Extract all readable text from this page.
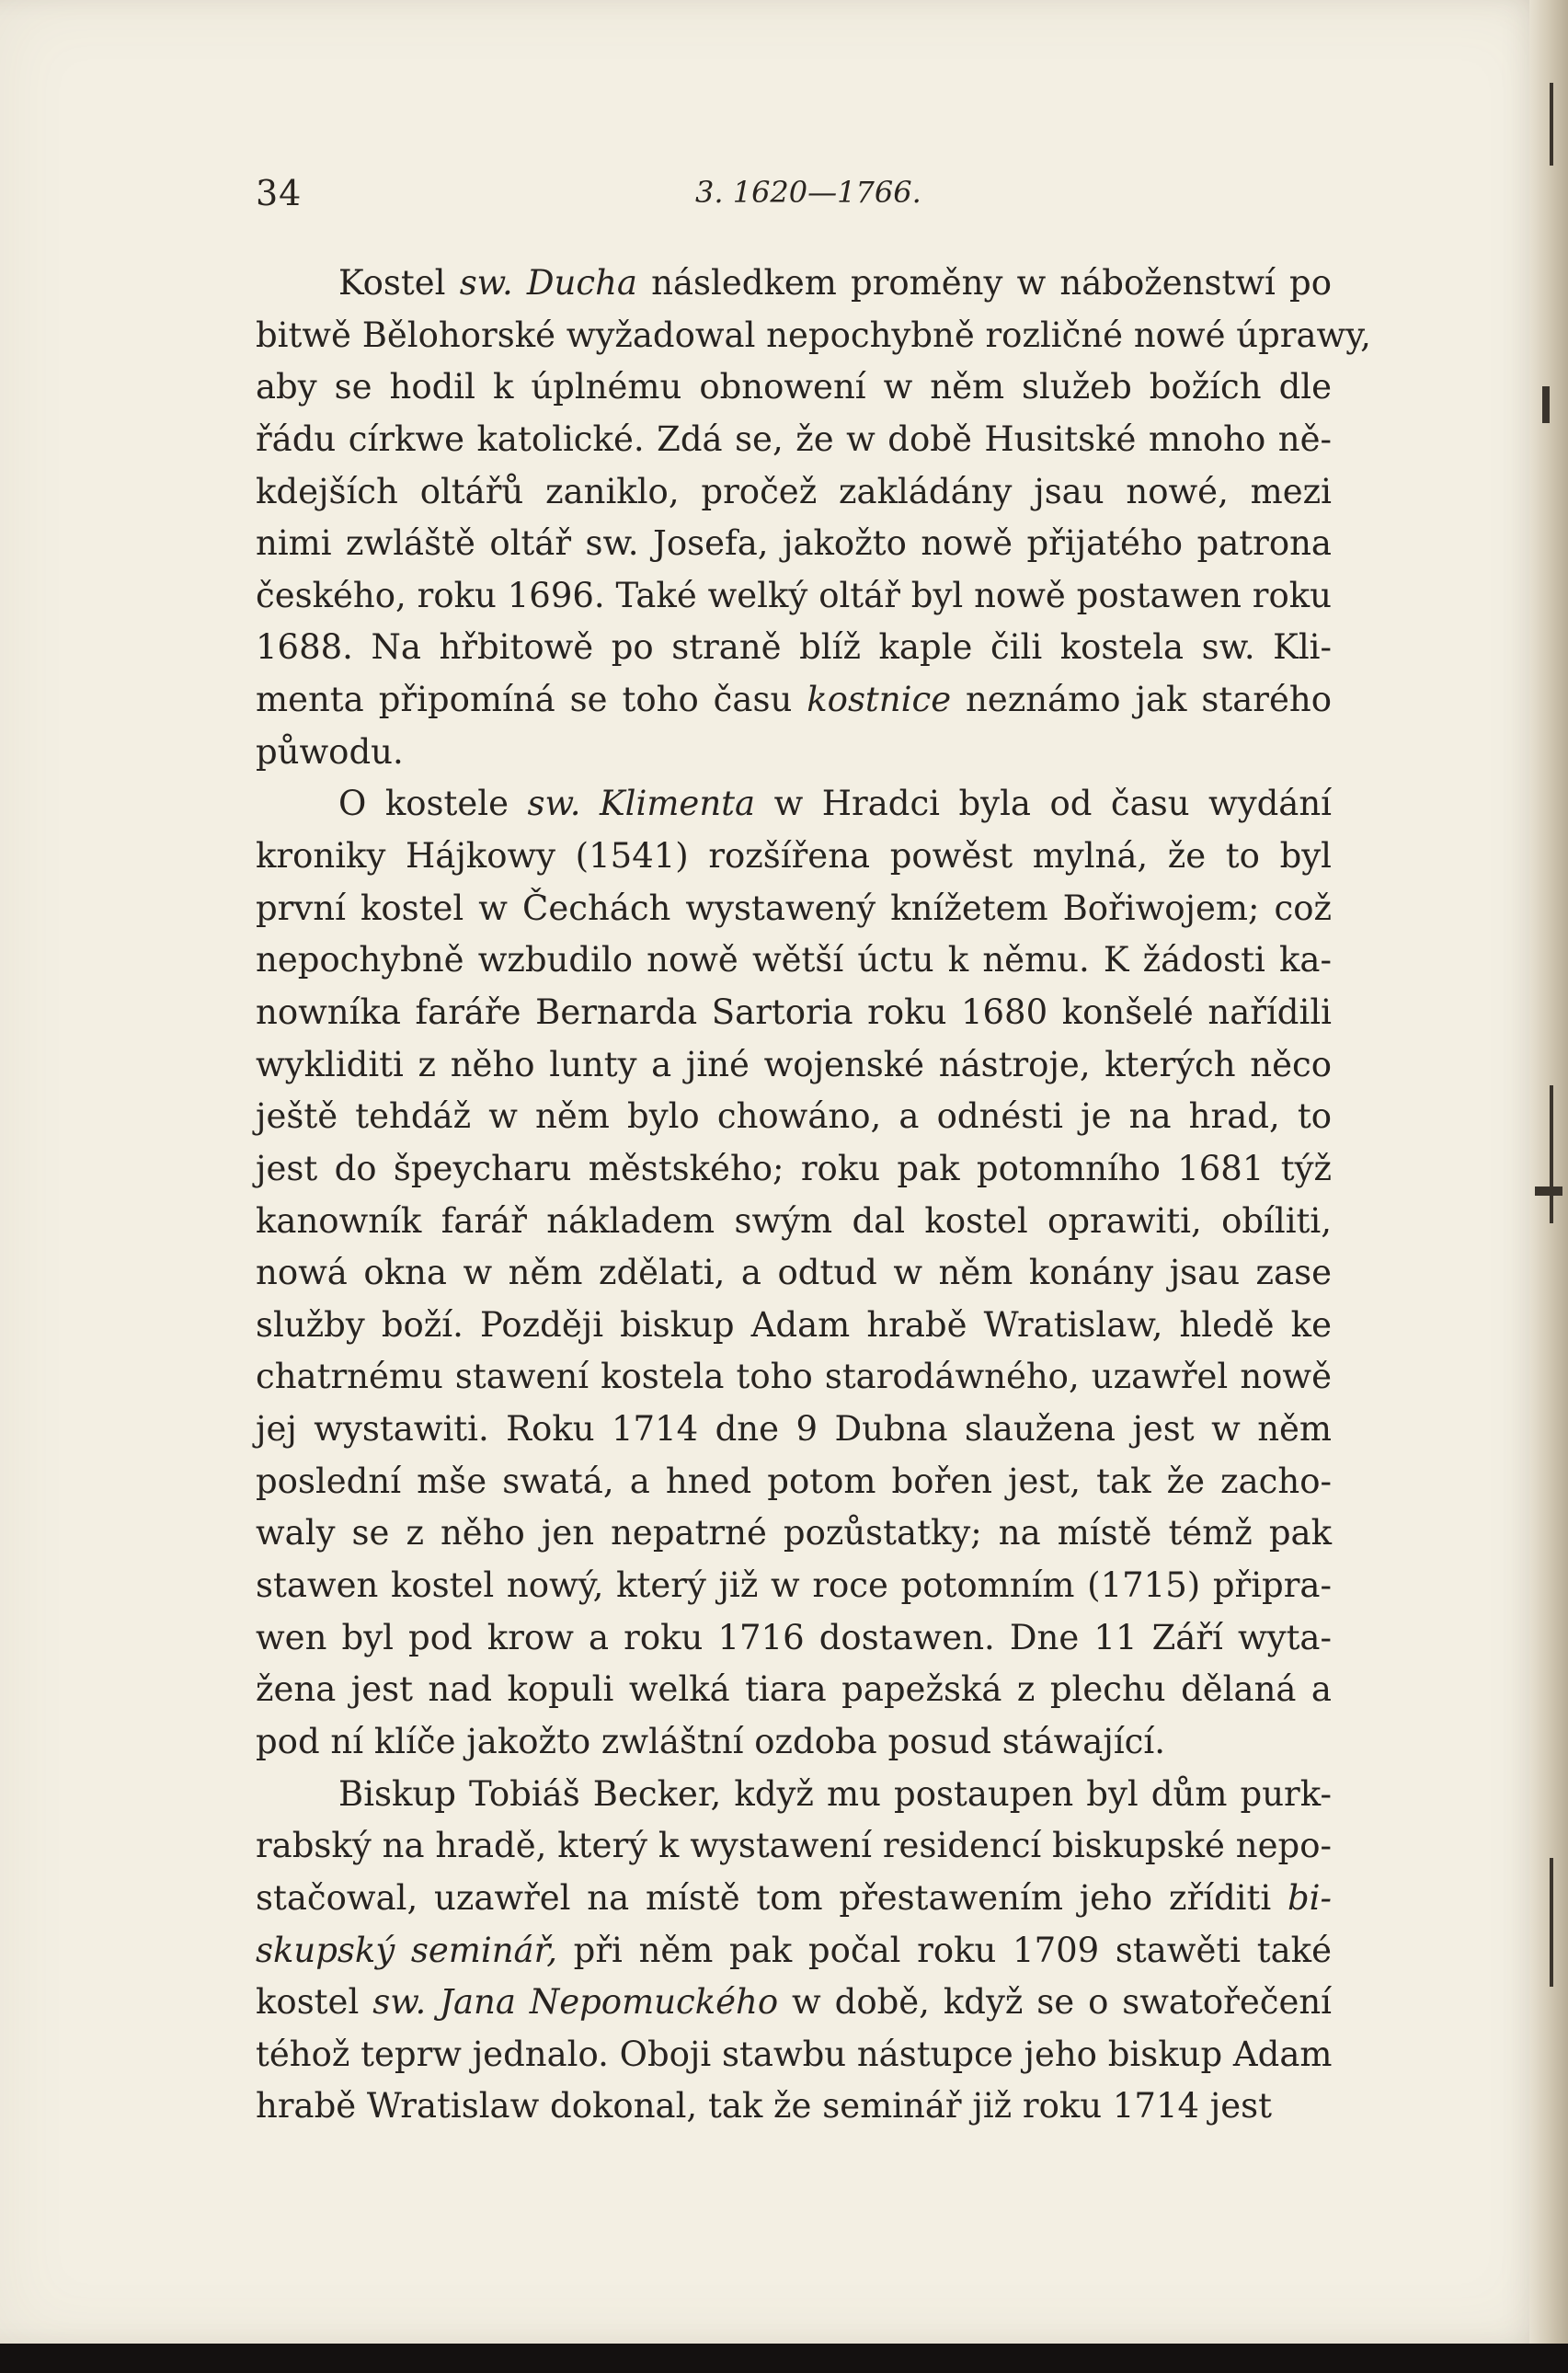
34	3. 1620—1766.
Kostel sw. Ducha následkem proměny w náboženstwí po
bitwě Bělohorské wyžadowal nepochybně rozličné nowé úprawy,
aby se hodil k úplnému obnowení w něm služeb božích dle
řádu církwe katolické. Zdá se, že w době Husitské mnoho ně-
kdejších oltářů zaniklo, pročež zakládány jsau nowé, mezi
nimi zwláště oltář sw. Josefa, jakožto nowě přijatého patrona
českého, roku 1696. Také welký oltář byl nowě postawen roku
1688. Na hřbitowě po straně blíž kaple čili kostela sw. Kli-
menta připomíná se toho času kostnice neznámo jak starého
půwodu.
O kostele sw. Klimenta w Hradci byla od času wydání
kroniky Hájkowy (1541) rozšířena powěst mylná, že to byl
první kostel w Čechách wystawený knížetem Bořiwojem; což
nepochybně wzbudilo nowě wětší úctu k němu. K žádosti ka-
nowníka faráře Bernarda Sartoria roku 1680 konšelé nařídili
wykliditi z něho lunty a jiné wojenské nástroje, kterých něco
ještě tehdáž w něm bylo chowáno, a odnésti je na hrad, to
jest do špeycharu městského; roku pak potomního 1681 týž
kanowník farář nákladem swým dal kostel oprawiti, obíliti,
nowá okna w něm zdělati, a odtud w něm konány jsau zase
služby boží. Později biskup Adam hrabě Wratislaw, hledě ke
chatrnému stawení kostela toho starodáwného, uzawřel nowě
jej wystawiti. Roku 1714 dne 9 Dubna slaužena jest w něm
poslední mše swatá, a hned potom bořen jest, tak že zacho-
waly se z něho jen nepatrné pozůstatky; na místě témž pak
stawen kostel nowý, který již w roce potomním (1715) připra-
wen byl pod krow a roku 1716 dostawen. Dne 11 Září wyta-
žena jest nad kopuli welká tiara papežská z plechu dělaná a
pod ní klíče jakožto zwláštní ozdoba posud stáwající.
Biskup Tobiáš Becker, když mu postaupen byl dům purk-
rabský na hradě, který k wystawení residencí biskupské nepo-
stačowal, uzawřel na místě tom přestawením jeho zříditi bi-
skupský seminář, při něm pak počal roku 1709 stawěti také
kostel sw. Jana Nepomuckého w době, když se o swatořečení
téhož teprw jednalo. Oboji stawbu nástupce jeho biskup Adam
hrabě Wratislaw dokonal, tak že seminář již roku 1714 jest
